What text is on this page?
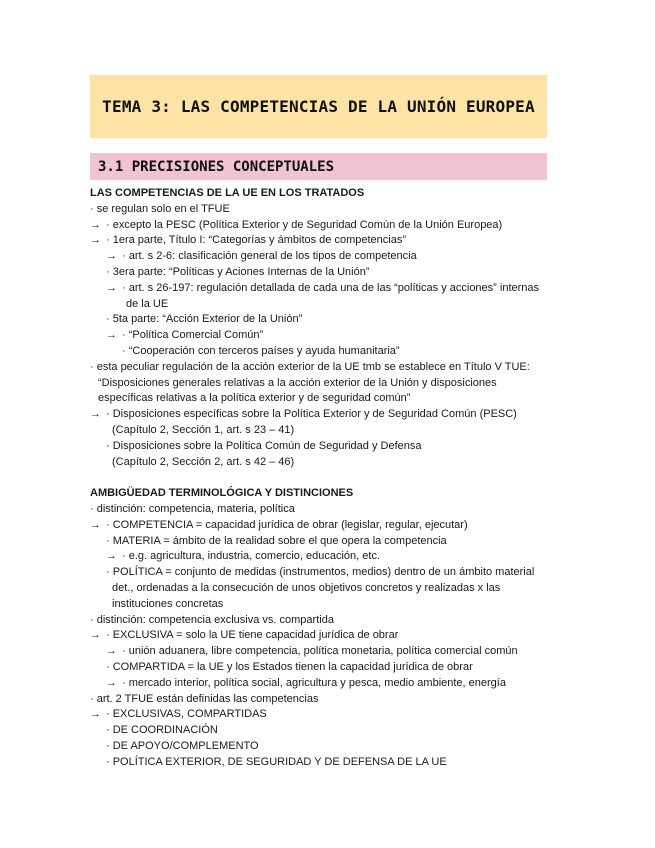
TEMA 3: LAS COMPETENCIAS DE LA UNIÓN EUROPEA
3.1 PRECISIONES CONCEPTUALES
LAS COMPETENCIAS DE LA UE EN LOS TRATADOS
· se regulan solo en el TFUE
→ · excepto la PESC (Política Exterior y de Seguridad Común de la Unión Europea)
→ · 1era parte, Título I: “Categorías y ámbitos de competencias”
→ · art. s 2-6: clasificación general de los tipos de competencia
· 3era parte: “Políticas y Aciones Internas de la Unión”
→ · art. s 26-197: regulación detallada de cada una de las “políticas y acciones” internas
de la UE
· 5ta parte: “Acción Exterior de la Unión”
→ · “Política Comercial Común”
· “Cooperación con terceros países y ayuda humanitaria”
· esta peculiar regulación de la acción exterior de la UE tmb se establece en Título V TUE:
“Disposiciones generales relativas a la acción exterior de la Unión y disposiciones
específicas relativas a la política exterior y de seguridad común”
→ · Disposiciones específicas sobre la Política Exterior y de Seguridad Común (PESC)
(Capítulo 2, Sección 1, art. s 23 – 41)
· Disposiciones sobre la Política Común de Seguridad y Defensa
(Capítulo 2, Sección 2, art. s 42 – 46)
AMBIGÜEDAD TERMINOLÓGICA Y DISTINCIONES
· distinción: competencia, materia, política
→ · COMPETENCIA = capacidad jurídica de obrar (legislar, regular, ejecutar)
· MATERIA = ámbito de la realidad sobre el que opera la competencia
→ · e.g. agricultura, industria, comercio, educación, etc.
· POLÍTICA = conjunto de medidas (instrumentos, medios) dentro de un ámbito material
det., ordenadas a la consecución de unos objetivos concretos y realizadas x las
instituciones concretas
· distinción: competencia exclusiva vs. compartida
→ · EXCLUSIVA = solo la UE tiene capacidad jurídica de obrar
→ · unión aduanera, libre competencia, política monetaria, política comercial común
· COMPARTIDA = la UE y los Estados tienen la capacidad jurídica de obrar
→ · mercado interior, política social, agricultura y pesca, medio ambiente, energía
· art. 2 TFUE están definidas las competencias
→ · EXCLUSIVAS, COMPARTIDAS
· DE COORDINACIÓN
· DE APOYO/COMPLEMENTO
· POLÍTICA EXTERIOR, DE SEGURIDAD Y DE DEFENSA DE LA UE
